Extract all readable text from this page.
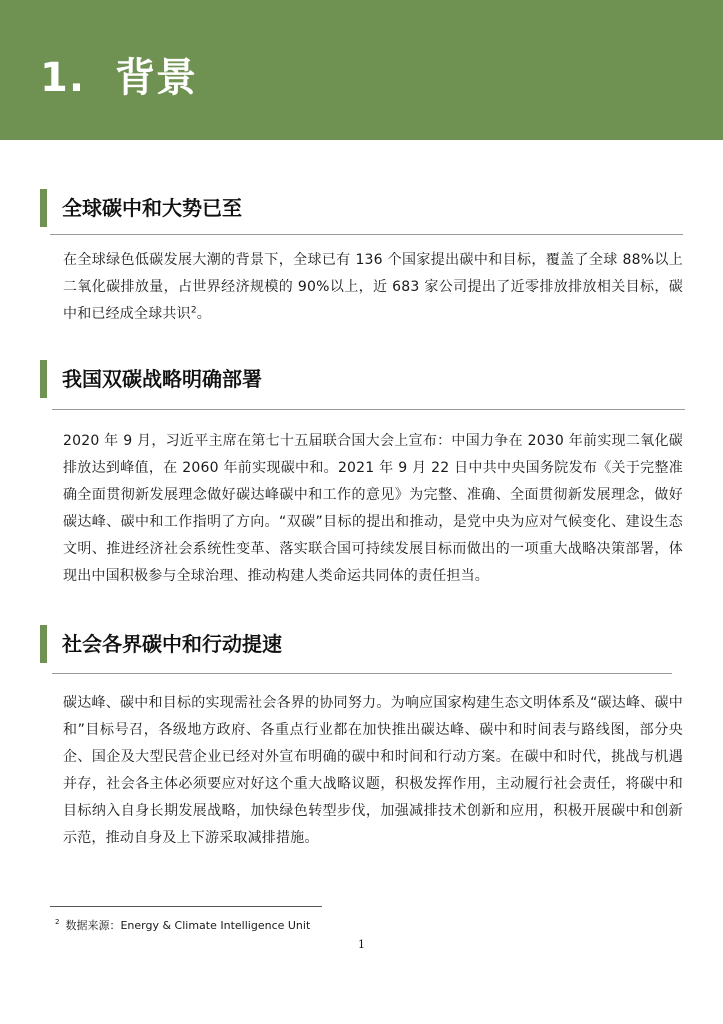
1. 背景
全球碳中和大势已至
在全球绿色低碳发展大潮的背景下，全球已有 136 个国家提出碳中和目标，覆盖了全球 88%以上二氧化碳排放量，占世界经济规模的 90%以上，近 683 家公司提出了近零排放排放相关目标，碳中和已经成全球共识$^2$。
我国双碳战略明确部署
2020 年 9 月，习近平主席在第七十五届联合国大会上宣布：中国力争在 2030 年前实现二氧化碳排放达到峰值，在 2060 年前实现碳中和。2021 年 9 月 22 日中共中央国务院发布《关于完整准确全面贯彻新发展理念做好碳达峰碳中和工作的意见》为完整、准确、全面贯彻新发展理念，做好碳达峰、碳中和工作指明了方向。“双碳”目标的提出和推动，是党中央为应对气候变化、建设生态文明、推进经济社会系统性变革、落实联合国可持续发展目标而做出的一项重大战略决策部署，体现出中国积极参与全球治理、推动构建人类命运共同体的责任担当。
社会各界碳中和行动提速
碳达峰、碳中和目标的实现需社会各界的协同努力。为响应国家构建生态文明体系及“碳达峰、碳中和”目标号召，各级地方政府、各重点行业都在加快推出碳达峰、碳中和时间表与路线图，部分央企、国企及大型民营企业已经对外宣布明确的碳中和时间和行动方案。在碳中和时代，挑战与机遇并存，社会各主体必须要应对好这个重大战略议题，积极发挥作用，主动履行社会责任，将碳中和目标纳入自身长期发展战略，加快绿色转型步伐，加强减排技术创新和应用，积极开展碳中和创新示范，推动自身及上下游采取减排措施。
$^2$ 数据来源：Energy & Climate Intelligence Unit
1
